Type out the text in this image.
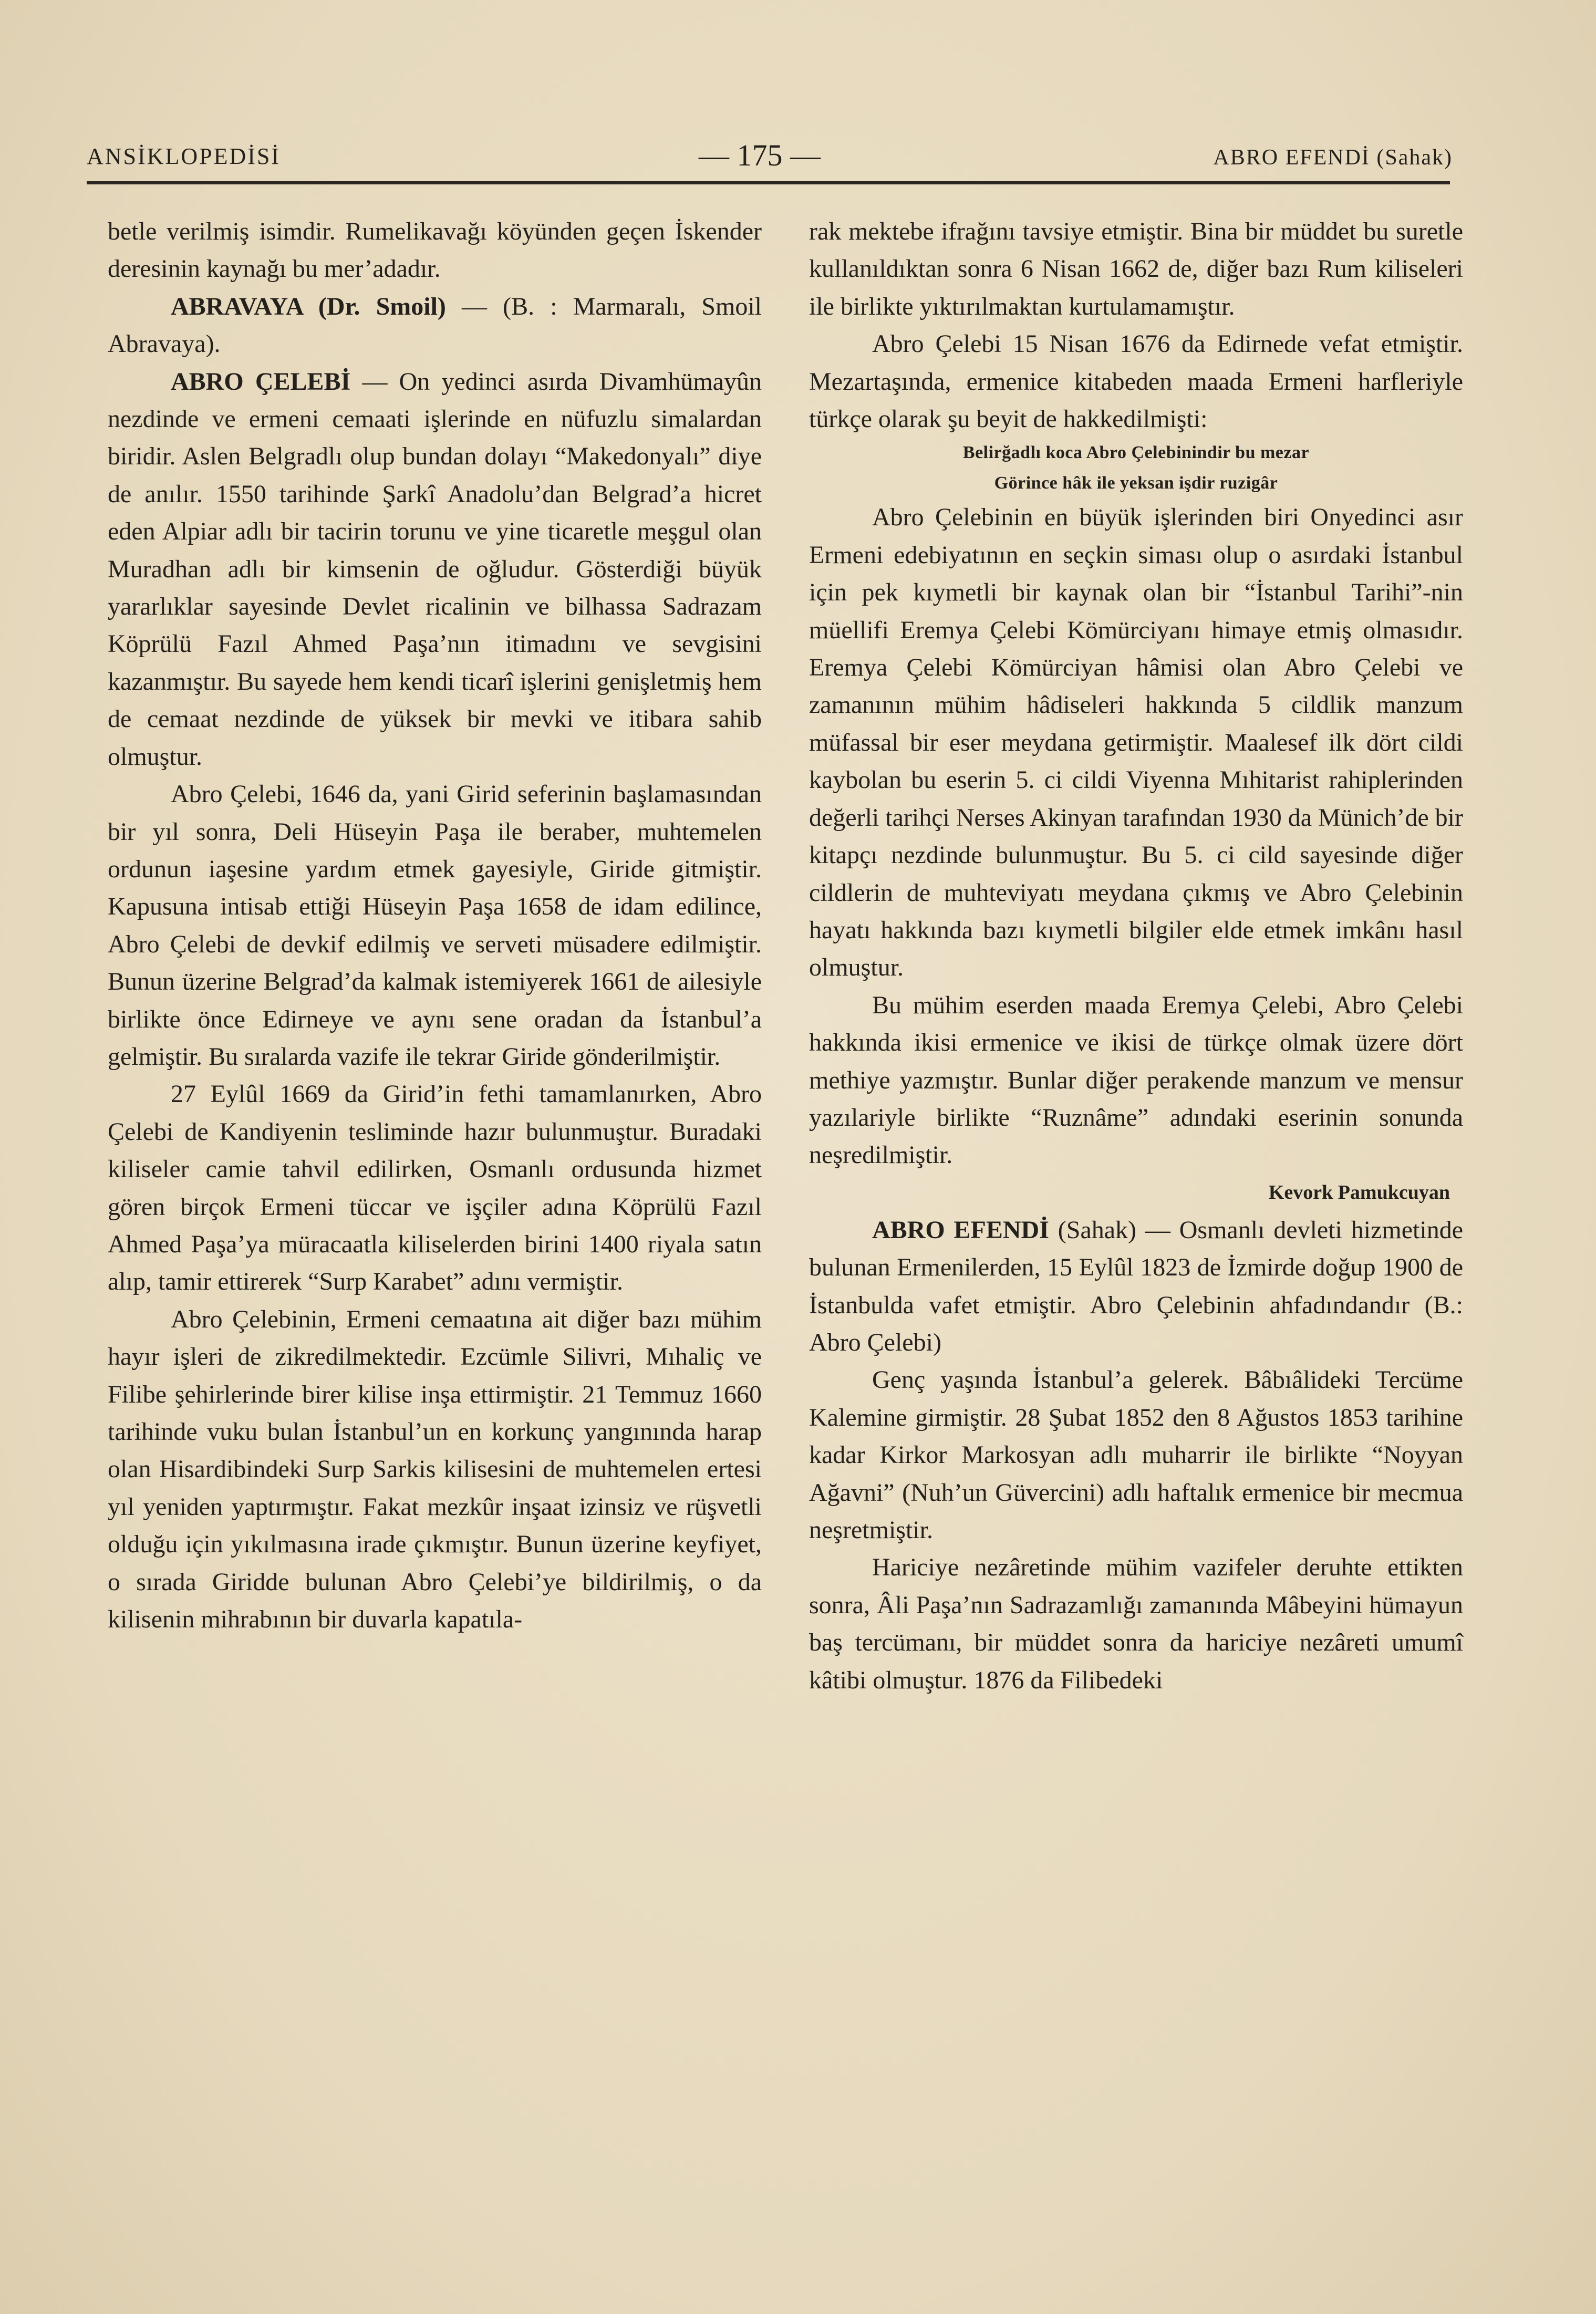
ANSİKLOPEDİSİ	— 175 —	ABRO EFENDİ (Sahak)

betle verilmiş isimdir. Rumelikavağı köyünden geçen İskender deresinin kaynağı bu mer’adadır.

ABRAVAYA (Dr. Smoil) — (B. : Marmaralı, Smoil Abravaya).

ABRO ÇELEBİ — On yedinci asırda Divamhümayûn nezdinde ve ermeni cemaati işlerinde en nüfuzlu simalardan biridir. Aslen Belgradlı olup bundan dolayı “Makedonyalı” diye de anılır. 1550 tarihinde Şarkî Anadolu’dan Belgrad’a hicret eden Alpiar adlı bir tacirin torunu ve yine ticaretle meşgul olan Muradhan adlı bir kimsenin de oğludur. Gösterdiği büyük yararlıklar sayesinde Devlet ricalinin ve bilhassa Sadrazam Köprülü Fazıl Ahmed Paşa’nın itimadını ve sevgisini kazanmıştır. Bu sayede hem kendi ticarî işlerini genişletmiş hem de cemaat nezdinde de yüksek bir mevki ve itibara sahib olmuştur.

Abro Çelebi, 1646 da, yani Girid seferinin başlamasından bir yıl sonra, Deli Hüseyin Paşa ile beraber, muhtemelen ordunun iaşesine yardım etmek gayesiyle, Giride gitmiştir. Kapusuna intisab ettiği Hüseyin Paşa 1658 de idam edilince, Abro Çelebi de devkif edilmiş ve serveti müsadere edilmiştir. Bunun üzerine Belgrad’da kalmak istemiyerek 1661 de ailesiyle birlikte önce Edirneye ve aynı sene oradan da İstanbul’a gelmiştir. Bu sıralarda vazife ile tekrar Giride gönderilmiştir.

27 Eylûl 1669 da Girid’in fethi tamamlanırken, Abro Çelebi de Kandiyenin tesliminde hazır bulunmuştur. Buradaki kiliseler camie tahvil edilirken, Osmanlı ordusunda hizmet gören birçok Ermeni tüccar ve işçiler adına Köprülü Fazıl Ahmed Paşa’ya müracaatla kiliselerden birini 1400 riyala satın alıp, tamir ettirerek “Surp Karabet” adını vermiştir.

Abro Çelebinin, Ermeni cemaatına ait diğer bazı mühim hayır işleri de zikredilmektedir. Ezcümle Silivri, Mıhaliç ve Filibe şehirlerinde birer kilise inşa ettirmiştir. 21 Temmuz 1660 tarihinde vuku bulan İstanbul’un en korkunç yangınında harap olan Hisardibindeki Surp Sarkis kilisesini de muhtemelen ertesi yıl yeniden yaptırmıştır. Fakat mezkûr inşaat izinsiz ve rüşvetli olduğu için yıkılmasına irade çıkmıştır. Bunun üzerine keyfiyet, o sırada Giridde bulunan Abro Çelebi’ye bildirilmiş, o da kilisenin mihrabının bir duvarla kapatıla-

rak mektebe ifrağını tavsiye etmiştir. Bina bir müddet bu suretle kullanıldıktan sonra 6 Nisan 1662 de, diğer bazı Rum kiliseleri ile birlikte yıktırılmaktan kurtulamamıştır.

Abro Çelebi 15 Nisan 1676 da Edirnede vefat etmiştir. Mezartaşında, ermenice kitabeden maada Ermeni harfleriyle türkçe olarak şu beyit de hakkedilmişti:

Belirğadlı koca Abro Çelebinindir bu mezar

Görince hâk ile yeksan işdir ruzigâr

Abro Çelebinin en büyük işlerinden biri Onyedinci asır Ermeni edebiyatının en seçkin siması olup o asırdaki İstanbul için pek kıymetli bir kaynak olan bir “İstanbul Tarihi”-nin müellifi Eremya Çelebi Kömürciyanı himaye etmiş olmasıdır. Eremya Çelebi Kömürciyan hâmisi olan Abro Çelebi ve zamanının mühim hâdiseleri hakkında 5 cildlik manzum müfassal bir eser meydana getirmiştir. Maalesef ilk dört cildi kaybolan bu eserin 5. ci cildi Viyenna Mıhitarist rahiplerinden değerli tarihçi Nerses Akinyan tarafından 1930 da Münich’de bir kitapçı nezdinde bulunmuştur. Bu 5. ci cild sayesinde diğer cildlerin de muhteviyatı meydana çıkmış ve Abro Çelebinin hayatı hakkında bazı kıymetli bilgiler elde etmek imkânı hasıl olmuştur.

Bu mühim eserden maada Eremya Çelebi, Abro Çelebi hakkında ikisi ermenice ve ikisi de türkçe olmak üzere dört methiye yazmıştır. Bunlar diğer perakende manzum ve mensur yazılariyle birlikte “Ruznâme” adındaki eserinin sonunda neşredilmiştir.

Kevork Pamukcuyan

ABRO EFENDİ (Sahak) — Osmanlı devleti hizmetinde bulunan Ermenilerden, 15 Eylûl 1823 de İzmirde doğup 1900 de İstanbulda vafet etmiştir. Abro Çelebinin ahfadındandır (B.: Abro Çelebi)

Genç yaşında İstanbul’a gelerek. Bâbıâlideki Tercüme Kalemine girmiştir. 28 Şubat 1852 den 8 Ağustos 1853 tarihine kadar Kirkor Markosyan adlı muharrir ile birlikte “Noyyan Ağavni” (Nuh’un Güvercini) adlı haftalık ermenice bir mecmua neşretmiştir.

Hariciye nezâretinde mühim vazifeler deruhte ettikten sonra, Âli Paşa’nın Sadrazamlığı zamanında Mâbeyini hümayun baş tercümanı, bir müddet sonra da hariciye nezâreti umumî kâtibi olmuştur. 1876 da Filibedeki
